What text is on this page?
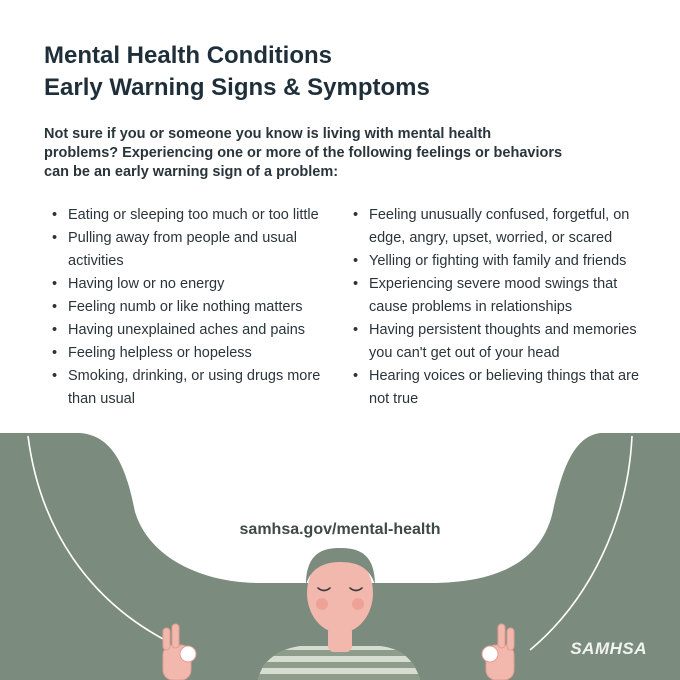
Mental Health Conditions
Early Warning Signs & Symptoms

Not sure if you or someone you know is living with mental health problems? Experiencing one or more of the following feelings or behaviors can be an early warning sign of a problem:

• Eating or sleeping too much or too little
• Pulling away from people and usual activities
• Having low or no energy
• Feeling numb or like nothing matters
• Having unexplained aches and pains
• Feeling helpless or hopeless
• Smoking, drinking, or using drugs more than usual
• Feeling unusually confused, forgetful, on edge, angry, upset, worried, or scared
• Yelling or fighting with family and friends
• Experiencing severe mood swings that cause problems in relationships
• Having persistent thoughts and memories you can't get out of your head
• Hearing voices or believing things that are not true
samhsa.gov/mental-health
SAMHSA
